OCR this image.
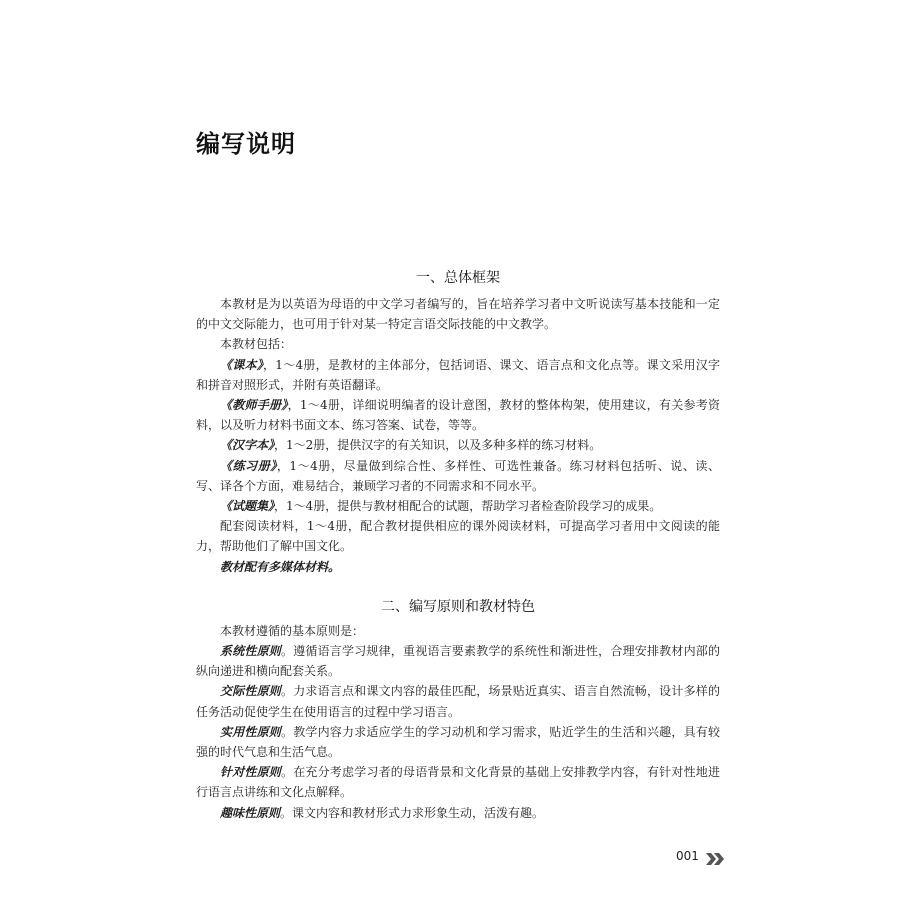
编写说明
一、总体框架

本教材是为以英语为母语的中文学习者编写的，旨在培养学习者中文听说读写基本技能和一定的中文交际能力，也可用于针对某一特定言语交际技能的中文教学。

本教材包括：

《课本》，1～4册，是教材的主体部分，包括词语、课文、语言点和文化点等。课文采用汉字和拼音对照形式，并附有英语翻译。

《教师手册》，1～4册，详细说明编者的设计意图，教材的整体构架，使用建议，有关参考资料，以及听力材料书面文本、练习答案、试卷，等等。

《汉字本》，1～2册，提供汉字的有关知识，以及多种多样的练习材料。

《练习册》，1～4册，尽量做到综合性、多样性、可选性兼备。练习材料包括听、说、读、写、译各个方面，难易结合，兼顾学习者的不同需求和不同水平。

《试题集》，1～4册，提供与教材相配合的试题，帮助学习者检查阶段学习的成果。

配套阅读材料，1～4册，配合教材提供相应的课外阅读材料，可提高学习者用中文阅读的能力，帮助他们了解中国文化。

教材配有多媒体材料。

二、编写原则和教材特色

本教材遵循的基本原则是：

系统性原则。遵循语言学习规律，重视语言要素教学的系统性和渐进性，合理安排教材内部的纵向递进和横向配套关系。

交际性原则。力求语言点和课文内容的最佳匹配，场景贴近真实、语言自然流畅，设计多样的任务活动促使学生在使用语言的过程中学习语言。

实用性原则。教学内容力求适应学生的学习动机和学习需求，贴近学生的生活和兴趣，具有较强的时代气息和生活气息。

针对性原则。在充分考虑学习者的母语背景和文化背景的基础上安排教学内容，有针对性地进行语言点讲练和文化点解释。

趣味性原则。课文内容和教材形式力求形象生动，活泼有趣。

001
